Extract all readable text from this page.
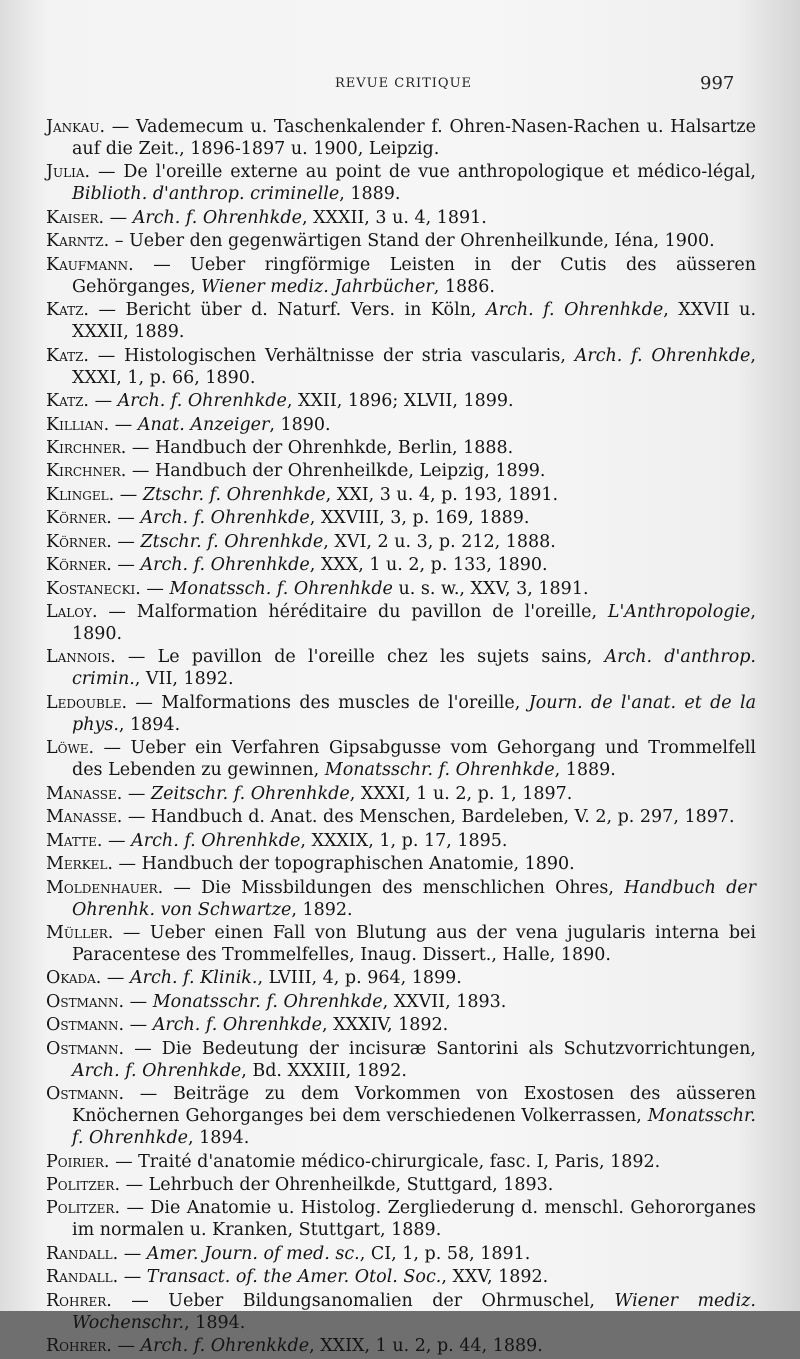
REVUE CRITIQUE	997

Jankau. — Vademecum u. Taschenkalender f. Ohren-Nasen-Rachen u. Halsartze auf die Zeit., 1896-1897 u. 1900, Leipzig.

Julia. — De l'oreille externe au point de vue anthropologique et médico-légal, Biblioth. d'anthrop. criminelle, 1889.

Kaiser. — Arch. f. Ohrenhkde, XXXII, 3 u. 4, 1891.

Karntz. – Ueber den gegenwärtigen Stand der Ohrenheilkunde, Iéna, 1900.

Kaufmann. — Ueber ringförmige Leisten in der Cutis des aüsseren Gehörganges, Wiener mediz. Jahrbücher, 1886.

Katz. — Bericht über d. Naturf. Vers. in Köln, Arch. f. Ohrenhkde, XXVII u. XXXII, 1889.

Katz. — Histologischen Verhältnisse der stria vascularis, Arch. f. Ohrenhkde, XXXI, 1, p. 66, 1890.

Katz. — Arch. f. Ohrenhkde, XXII, 1896; XLVII, 1899.

Killian. — Anat. Anzeiger, 1890.

Kirchner. — Handbuch der Ohrenhkde, Berlin, 1888.

Kirchner. — Handbuch der Ohrenheilkde, Leipzig, 1899.

Klingel. — Ztschr. f. Ohrenhkde, XXI, 3 u. 4, p. 193, 1891.

Körner. — Arch. f. Ohrenhkde, XXVIII, 3, p. 169, 1889.

Körner. — Ztschr. f. Ohrenhkde, XVI, 2 u. 3, p. 212, 1888.

Körner. — Arch. f. Ohrenhkde, XXX, 1 u. 2, p. 133, 1890.

Kostanecki. — Monatssch. f. Ohrenhkde u. s. w., XXV, 3, 1891.

Laloy. — Malformation héréditaire du pavillon de l'oreille, L'Anthropologie, 1890.

Lannois. — Le pavillon de l'oreille chez les sujets sains, Arch. d'anthrop. crimin., VII, 1892.

Ledouble. — Malformations des muscles de l'oreille, Journ. de l'anat. et de la phys., 1894.

Löwe. — Ueber ein Verfahren Gipsabgusse vom Gehorgang und Trommelfell des Lebenden zu gewinnen, Monatsschr. f. Ohrenhkde, 1889.

Manasse. — Zeitschr. f. Ohrenhkde, XXXI, 1 u. 2, p. 1, 1897.

Manasse. — Handbuch d. Anat. des Menschen, Bardeleben, V. 2, p. 297, 1897.

Matte. — Arch. f. Ohrenhkde, XXXIX, 1, p. 17, 1895.

Merkel. — Handbuch der topographischen Anatomie, 1890.

Moldenhauer. — Die Missbildungen des menschlichen Ohres, Handbuch der Ohrenhk. von Schwartze, 1892.

Müller. — Ueber einen Fall von Blutung aus der vena jugularis interna bei Paracentese des Trommelfelles, Inaug. Dissert., Halle, 1890.

Okada. — Arch. f. Klinik., LVIII, 4, p. 964, 1899.

Ostmann. — Monatsschr. f. Ohrenhkde, XXVII, 1893.

Ostmann. — Arch. f. Ohrenhkde, XXXIV, 1892.

Ostmann. — Die Bedeutung der incisuræ Santorini als Schutzvorrichtungen, Arch. f. Ohrenhkde, Bd. XXXIII, 1892.

Ostmann. — Beiträge zu dem Vorkommen von Exostosen des aüsseren Knöchernen Gehorganges bei dem verschiedenen Volkerrassen, Monatsschr. f. Ohrenhkde, 1894.

Poirier. — Traité d'anatomie médico-chirurgicale, fasc. I, Paris, 1892.

Politzer. — Lehrbuch der Ohrenheilkde, Stuttgard, 1893.

Politzer. — Die Anatomie u. Histolog. Zergliederung d. menschl. Gehororganes im normalen u. Kranken, Stuttgart, 1889.

Randall. — Amer. Journ. of med. sc., CI, 1, p. 58, 1891.

Randall. — Transact. of. the Amer. Otol. Soc., XXV, 1892.

Rohrer. — Ueber Bildungsanomalien der Ohrmuschel, Wiener mediz. Wochenschr., 1894.

Rohrer. — Arch. f. Ohrenkkde, XXIX, 1 u. 2, p. 44, 1889.
